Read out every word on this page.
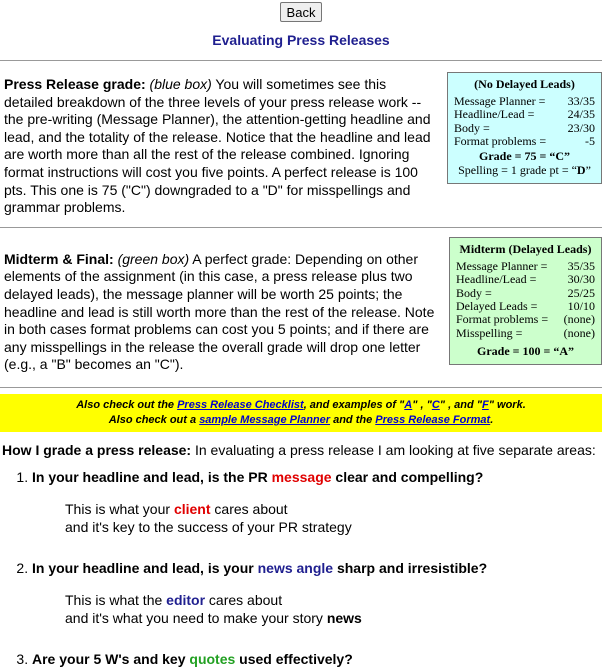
Back
Evaluating Press Releases

Press Release grade: (blue box) You will sometimes see this detailed breakdown of the three levels of your press release work -- the pre-writing (Message Planner), the attention-getting headline and lead, and the totality of the release. Notice that the headline and lead are worth more than all the rest of the release combined. Ignoring format instructions will cost you five points. A perfect release is 100 pts. This one is 75 ("C") downgraded to a "D" for misspellings and grammar problems.

(No Delayed Leads)
Message Planner =	33/35
Headline/Lead =	24/35
Body =	23/30
Format problems =	-5
Grade = 75 = “C”
Spelling = 1 grade pt = “D”

Midterm & Final: (green box) A perfect grade: Depending on other elements of the assignment (in this case, a press release plus two delayed leads), the message planner will be worth 25 points; the headline and lead is still worth more than the rest of the release. Note in both cases format problems can cost you 5 points; and if there are any misspellings in the release the overall grade will drop one letter (e.g., a "B" becomes an "C").

Midterm (Delayed Leads)
Message Planner =	35/35
Headline/Lead =	30/30
Body =	25/25
Delayed Leads =	10/10
Format problems =	(none)
Misspelling =	(none)
Grade = 100 = “A”
Also check out the Press Release Checklist, and examples of "A" , "C" , and "F" work.
Also check out a sample Message Planner and the Press Release Format.
How I grade a press release: In evaluating a press release I am looking at five separate areas:
1. In your headline and lead, is the PR message clear and compelling?
This is what your client cares about
and it's key to the success of your PR strategy
2. In your headline and lead, is your news angle sharp and irresistible?
This is what the editor cares about
and it's what you need to make your story news
3. Are your 5 W's and key quotes used effectively?
